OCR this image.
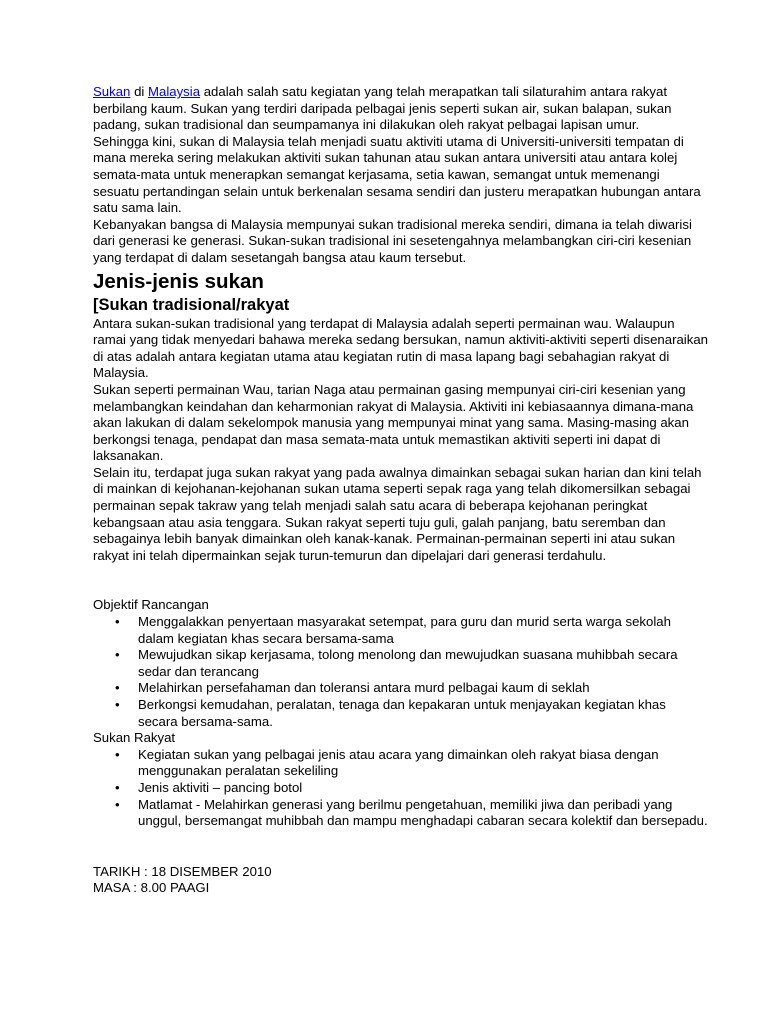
Sukan di Malaysia adalah salah satu kegiatan yang telah merapatkan tali silaturahim antara rakyat berbilang kaum. Sukan yang terdiri daripada pelbagai jenis seperti sukan air, sukan balapan, sukan padang, sukan tradisional dan seumpamanya ini dilakukan oleh rakyat pelbagai lapisan umur.

Sehingga kini, sukan di Malaysia telah menjadi suatu aktiviti utama di Universiti-universiti tempatan di mana mereka sering melakukan aktiviti sukan tahunan atau sukan antara universiti atau antara kolej semata-mata untuk menerapkan semangat kerjasama, setia kawan, semangat untuk memenangi sesuatu pertandingan selain untuk berkenalan sesama sendiri dan justeru merapatkan hubungan antara satu sama lain.

Kebanyakan bangsa di Malaysia mempunyai sukan tradisional mereka sendiri, dimana ia telah diwarisi dari generasi ke generasi. Sukan-sukan tradisional ini sesetengahnya melambangkan ciri-ciri kesenian yang terdapat di dalam sesetangah bangsa atau kaum tersebut.

Jenis-jenis sukan
[Sukan tradisional/rakyat

Antara sukan-sukan tradisional yang terdapat di Malaysia adalah seperti permainan wau. Walaupun ramai yang tidak menyedari bahawa mereka sedang bersukan, namun aktiviti-aktiviti seperti disenaraikan di atas adalah antara kegiatan utama atau kegiatan rutin di masa lapang bagi sebahagian rakyat di Malaysia.

Sukan seperti permainan Wau, tarian Naga atau permainan gasing mempunyai ciri-ciri kesenian yang melambangkan keindahan dan keharmonian rakyat di Malaysia. Aktiviti ini kebiasaannya dimana-mana akan lakukan di dalam sekelompok manusia yang mempunyai minat yang sama. Masing-masing akan berkongsi tenaga, pendapat dan masa semata-mata untuk memastikan aktiviti seperti ini dapat di laksanakan.

Selain itu, terdapat juga sukan rakyat yang pada awalnya dimainkan sebagai sukan harian dan kini telah di mainkan di kejohanan-kejohanan sukan utama seperti sepak raga yang telah dikomersilkan sebagai permainan sepak takraw yang telah menjadi salah satu acara di beberapa kejohanan peringkat kebangsaan atau asia tenggara. Sukan rakyat seperti tuju guli, galah panjang, batu seremban dan sebagainya lebih banyak dimainkan oleh kanak-kanak. Permainan-permainan seperti ini atau sukan rakyat ini telah dipermainkan sejak turun-temurun dan dipelajari dari generasi terdahulu.

Objektif Rancangan

• Menggalakkan penyertaan masyarakat setempat, para guru dan murid serta warga sekolah dalam kegiatan khas secara bersama-sama
• Mewujudkan sikap kerjasama, tolong menolong dan mewujudkan suasana muhibbah secara sedar dan terancang
• Melahirkan persefahaman dan toleransi antara murd pelbagai kaum di seklah
• Berkongsi kemudahan, peralatan, tenaga dan kepakaran untuk menjayakan kegiatan khas secara bersama-sama.

Sukan Rakyat

• Kegiatan sukan yang pelbagai jenis atau acara yang dimainkan oleh rakyat biasa dengan menggunakan peralatan sekeliling
• Jenis aktiviti – pancing botol
• Matlamat - Melahirkan generasi yang berilmu pengetahuan, memiliki jiwa dan peribadi yang unggul, bersemangat muhibbah dan mampu menghadapi cabaran secara kolektif dan bersepadu.

TARIKH : 18 DISEMBER 2010

MASA : 8.00 PAAGI
